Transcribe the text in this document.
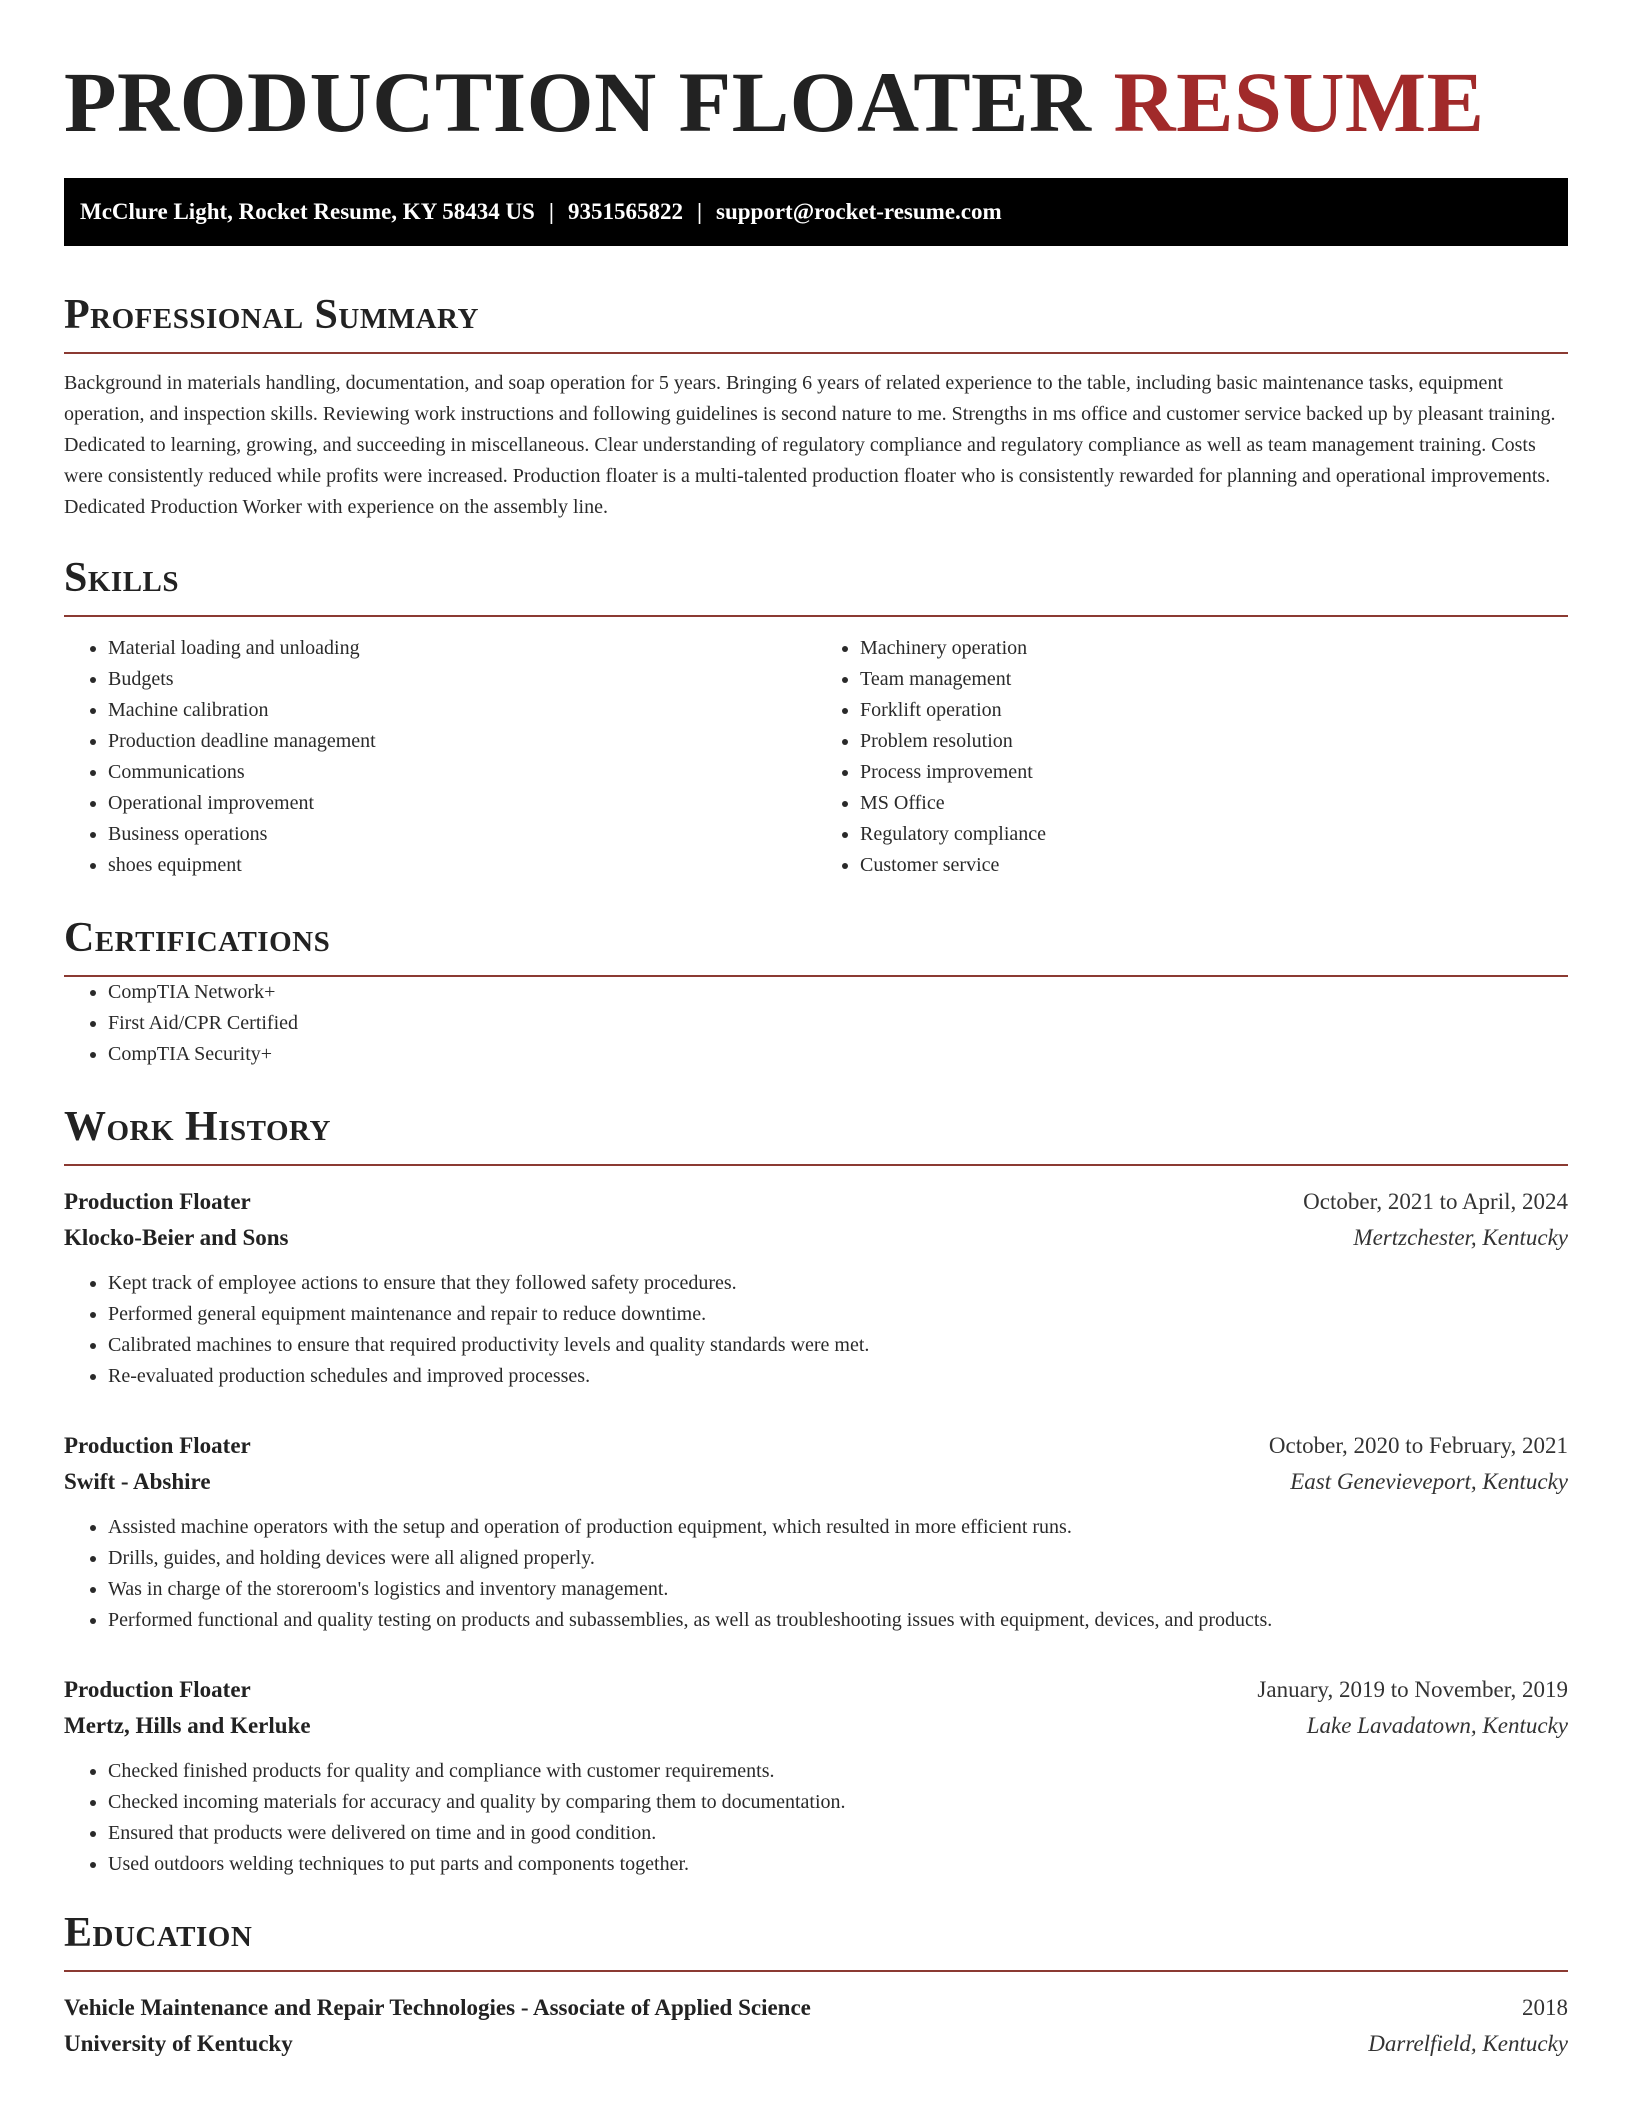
PRODUCTION FLOATER RESUME
McClure Light, Rocket Resume, KY 58434 US | 9351565822 | support@rocket-resume.com
Professional Summary

Background in materials handling, documentation, and soap operation for 5 years. Bringing 6 years of related experience to the table, including basic maintenance tasks, equipment operation, and inspection skills. Reviewing work instructions and following guidelines is second nature to me. Strengths in ms office and customer service backed up by pleasant training. Dedicated to learning, growing, and succeeding in miscellaneous. Clear understanding of regulatory compliance and regulatory compliance as well as team management training. Costs were consistently reduced while profits were increased. Production floater is a multi-talented production floater who is consistently rewarded for planning and operational improvements. Dedicated Production Worker with experience on the assembly line.

Skills
• Material loading and unloading
• Budgets
• Machine calibration
• Production deadline management
• Communications
• Operational improvement
• Business operations
• shoes equipment
• Machinery operation
• Team management
• Forklift operation
• Problem resolution
• Process improvement
• MS Office
• Regulatory compliance
• Customer service
Certifications
• CompTIA Network+
• First Aid/CPR Certified
• CompTIA Security+
Work History
Production Floater	October, 2021 to April, 2024
Klocko-Beier and Sons	Mertzchester, Kentucky
• Kept track of employee actions to ensure that they followed safety procedures.
• Performed general equipment maintenance and repair to reduce downtime.
• Calibrated machines to ensure that required productivity levels and quality standards were met.
• Re-evaluated production schedules and improved processes.
Production Floater	October, 2020 to February, 2021
Swift - Abshire	East Genevieveport, Kentucky
• Assisted machine operators with the setup and operation of production equipment, which resulted in more efficient runs.
• Drills, guides, and holding devices were all aligned properly.
• Was in charge of the storeroom's logistics and inventory management.
• Performed functional and quality testing on products and subassemblies, as well as troubleshooting issues with equipment, devices, and products.
Production Floater	January, 2019 to November, 2019
Mertz, Hills and Kerluke	Lake Lavadatown, Kentucky
• Checked finished products for quality and compliance with customer requirements.
• Checked incoming materials for accuracy and quality by comparing them to documentation.
• Ensured that products were delivered on time and in good condition.
• Used outdoors welding techniques to put parts and components together.
Education
Vehicle Maintenance and Repair Technologies - Associate of Applied Science	2018
University of Kentucky	Darrelfield, Kentucky
